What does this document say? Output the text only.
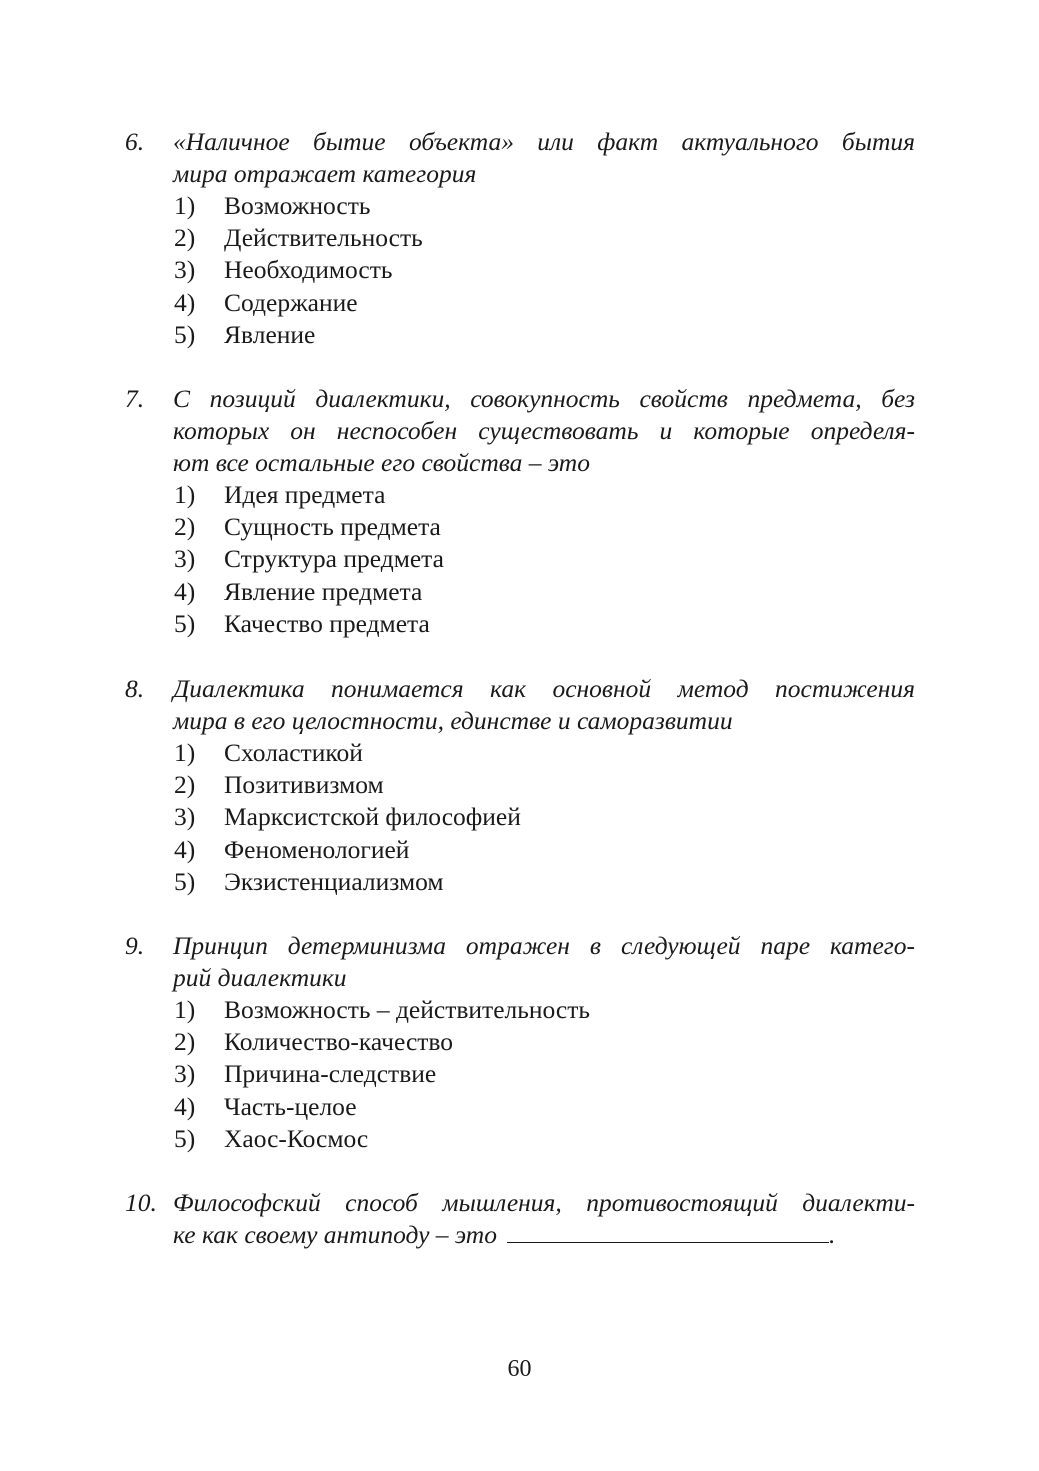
6. «Наличное бытие объекта» или факт актуального бытия
мира отражает категория
1)	Возможность
2)	Действительность
3)	Необходимость
4)	Содержание
5)	Явление
7. С позиций диалектики, совокупность свойств предмета, без
которых он неспособен существовать и которые определя-
ют все остальные его свойства – это
1)	Идея предмета
2)	Сущность предмета
3)	Структура предмета
4)	Явление предмета
5)	Качество предмета
8. Диалектика понимается как основной метод постижения
мира в его целостности, единстве и саморазвитии
1)	Схоластикой
2)	Позитивизмом
3)	Марксистской философией
4)	Феноменологией
5)	Экзистенциализмом
9. Принцип детерминизма отражен в следующей паре катего-
рий диалектики
1)	Возможность – действительность
2)	Количество-качество
3)	Причина-следствие
4)	Часть-целое
5)	Хаос-Космос
10. Философский способ мышления, противостоящий диалекти-
ке как своему антиподу – это	.
60
